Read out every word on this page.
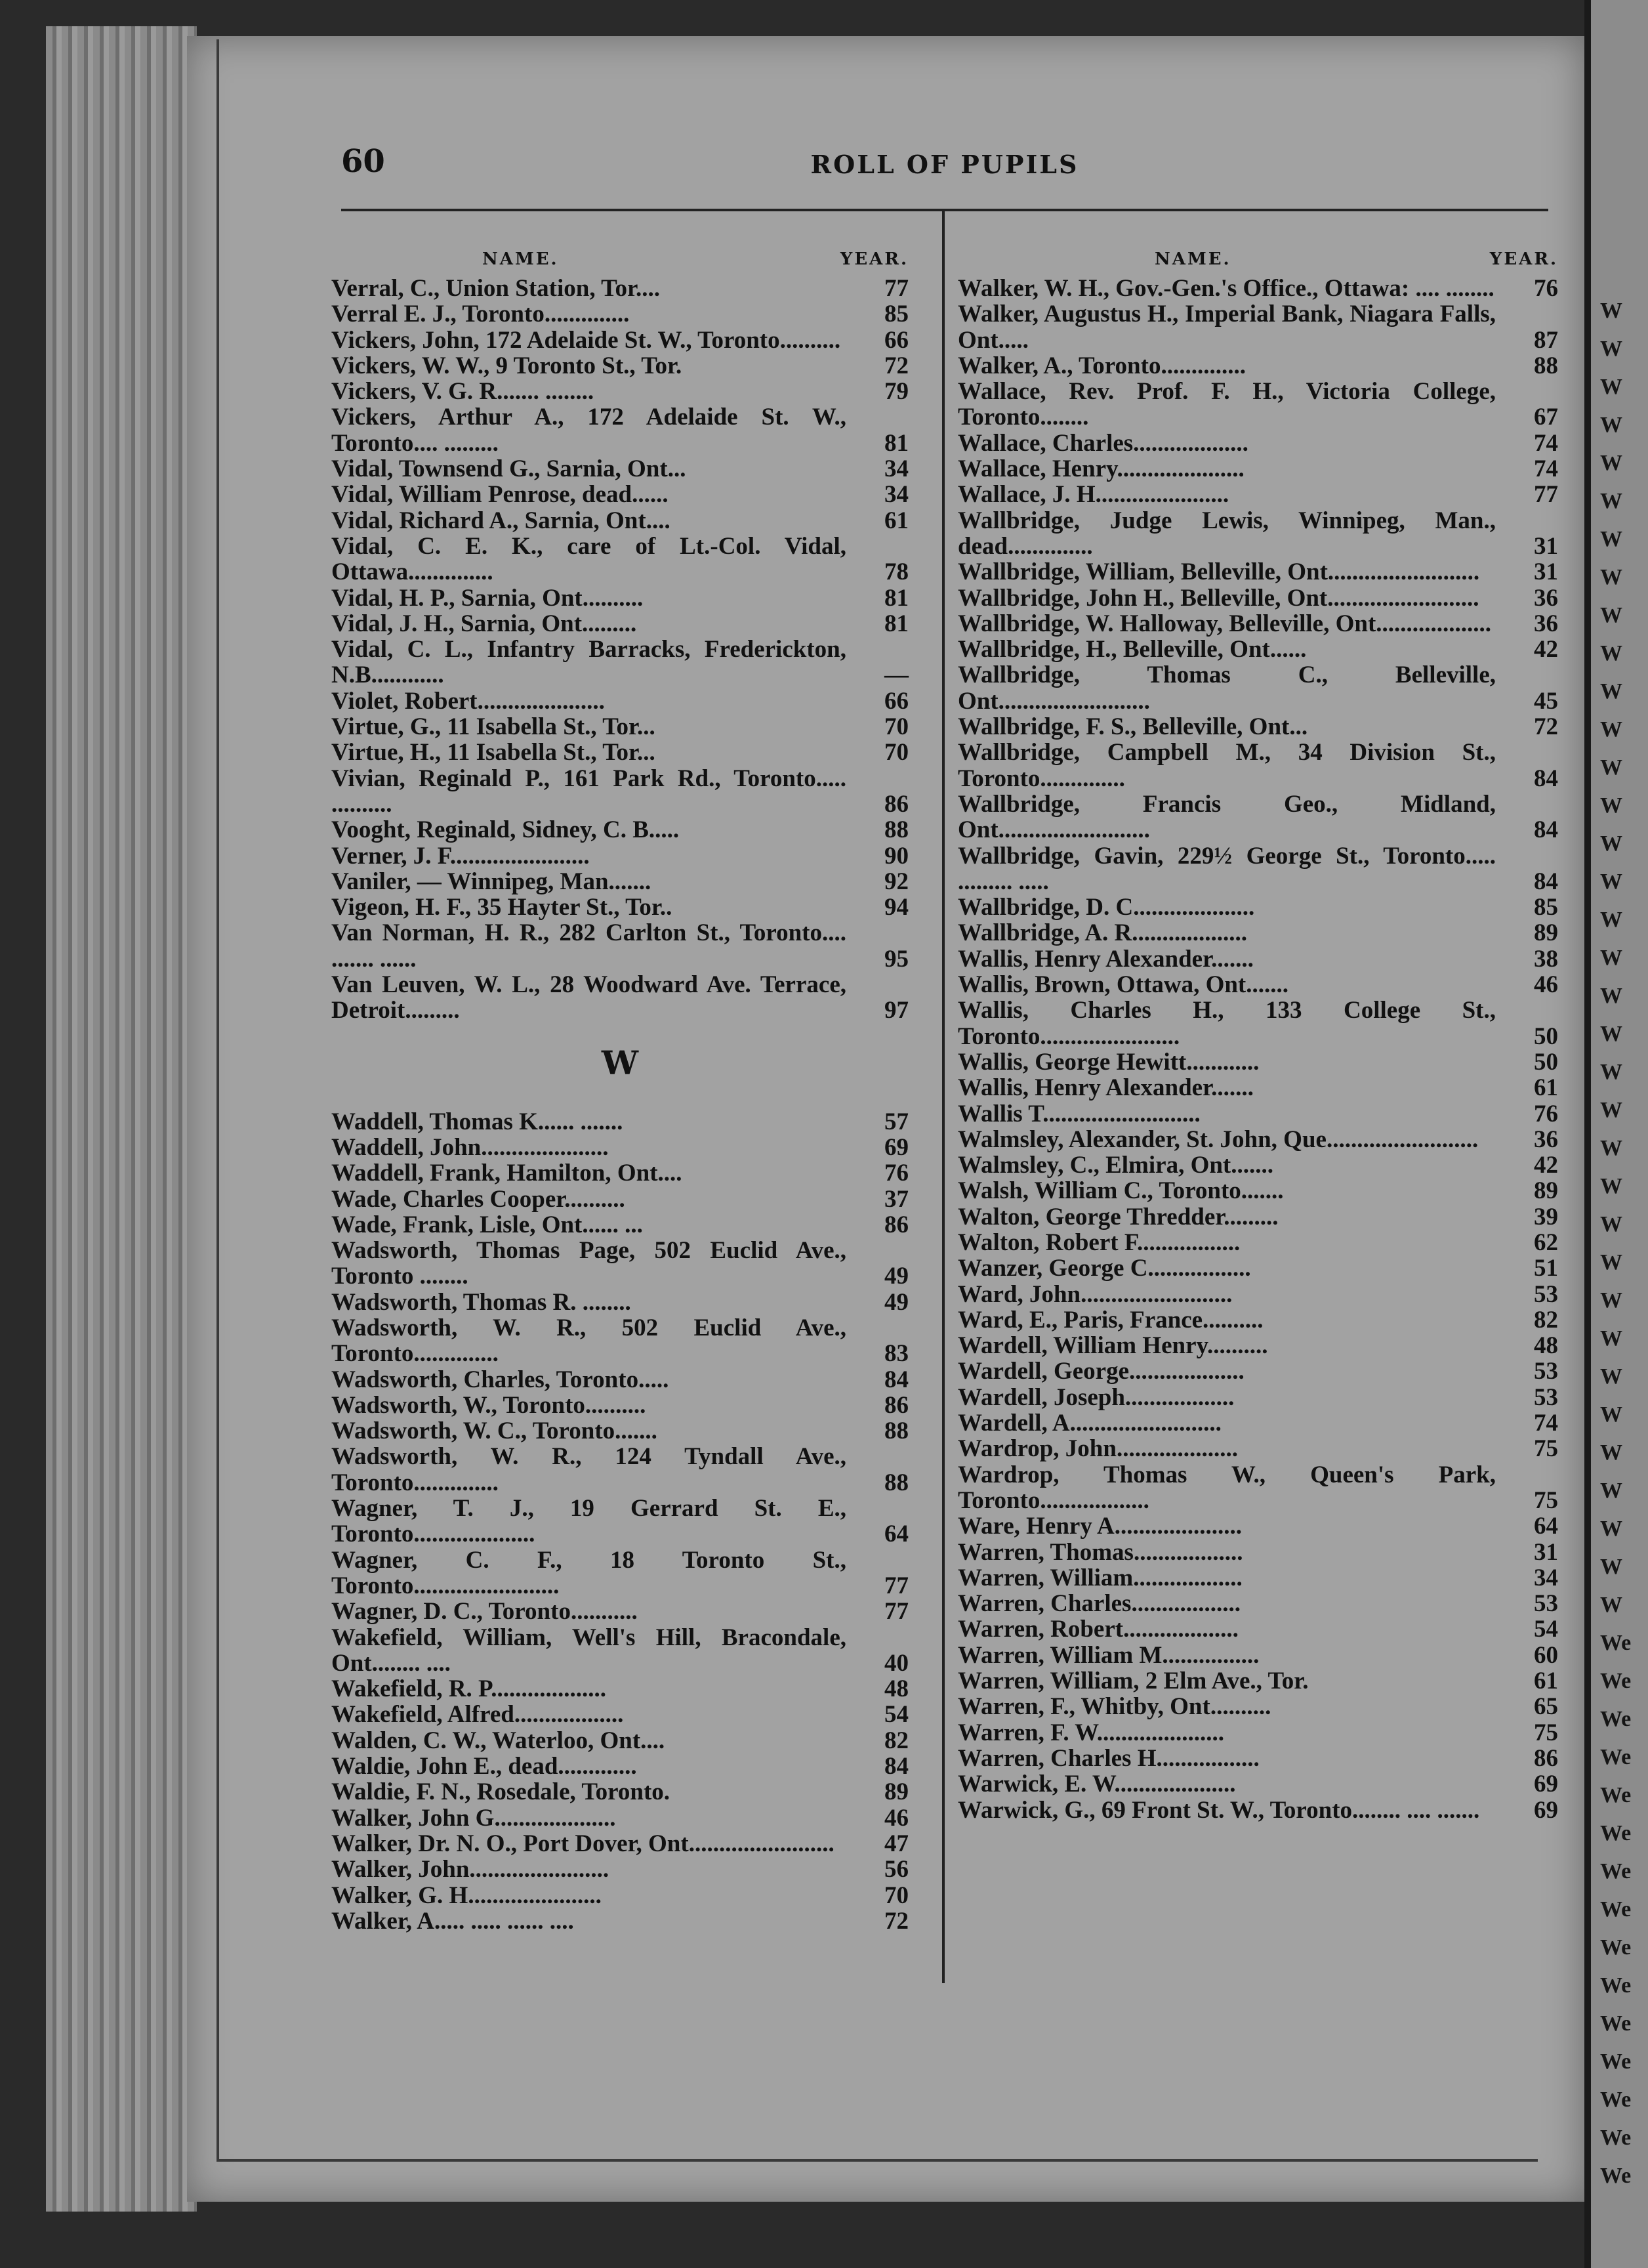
W
W
W
W
W
W
W
W
W
W
W
W
W
W
W
W
W
W
W
W
W
W
W
W
W
W
W
W
W
W
W
W
W
W
W
We
We
We
We
We
We
We
We
We
We
We
We
We
We
We
60	ROLL OF PUPILS
NAME.	YEAR.
Verral, C., Union Station, Tor....	77
Verral E. J., Toronto..............	85
Vickers, John, 172 Adelaide St. W., Toronto..........	66
Vickers, W. W., 9 Toronto St., Tor.	72
Vickers, V. G. R....... ........	79
Vickers, Arthur A., 172 Adelaide St. W., Toronto.... .........	81
Vidal, Townsend G., Sarnia, Ont...	34
Vidal, William Penrose, dead......	34
Vidal, Richard A., Sarnia, Ont....	61
Vidal, C. E. K., care of Lt.-Col. Vidal, Ottawa..............	78
Vidal, H. P., Sarnia, Ont..........	81
Vidal, J. H., Sarnia, Ont.........	81
Vidal, C. L., Infantry Barracks, Frederickton, N.B............	—
Violet, Robert.....................	66
Virtue, G., 11 Isabella St., Tor...	70
Virtue, H., 11 Isabella St., Tor...	70
Vivian, Reginald P., 161 Park Rd., Toronto..... ..........	86
Vooght, Reginald, Sidney, C. B.....	88
Verner, J. F.......................	90
Vaniler, — Winnipeg, Man.......	92
Vigeon, H. F., 35 Hayter St., Tor..	94
Van Norman, H. R., 282 Carlton St., Toronto.... ....... ......	95
Van Leuven, W. L., 28 Woodward Ave. Terrace, Detroit.........	97
W
Waddell, Thomas K...... .......	57
Waddell, John.....................	69
Waddell, Frank, Hamilton, Ont....	76
Wade, Charles Cooper..........	37
Wade, Frank, Lisle, Ont...... ...	86
Wadsworth, Thomas Page, 502 Euclid Ave., Toronto ........	49
Wadsworth, Thomas R. ........	49
Wadsworth, W. R., 502 Euclid Ave., Toronto..............	83
Wadsworth, Charles, Toronto.....	84
Wadsworth, W., Toronto..........	86
Wadsworth, W. C., Toronto.......	88
Wadsworth, W. R., 124 Tyndall Ave., Toronto..............	88
Wagner, T. J., 19 Gerrard St. E., Toronto....................	64
Wagner, C. F., 18 Toronto St., Toronto........................	77
Wagner, D. C., Toronto...........	77
Wakefield, William, Well's Hill, Bracondale, Ont........ ....	40
Wakefield, R. P...................	48
Wakefield, Alfred..................	54
Walden, C. W., Waterloo, Ont....	82
Waldie, John E., dead.............	84
Waldie, F. N., Rosedale, Toronto.	89
Walker, John G....................	46
Walker, Dr. N. O., Port Dover, Ont........................	47
Walker, John.......................	56
Walker, G. H......................	70
Walker, A..... ..... ...... ....	72
NAME.	YEAR.
Walker, W. H., Gov.-Gen.'s Office., Ottawa: .... ........	76
Walker, Augustus H., Imperial Bank, Niagara Falls, Ont.....	87
Walker, A., Toronto..............	88
Wallace, Rev. Prof. F. H., Victoria College, Toronto........	67
Wallace, Charles...................	74
Wallace, Henry.....................	74
Wallace, J. H......................	77
Wallbridge, Judge Lewis, Winnipeg, Man., dead..............	31
Wallbridge, William, Belleville, Ont.........................	31
Wallbridge, John H., Belleville, Ont.........................	36
Wallbridge, W. Halloway, Belleville, Ont...................	36
Wallbridge, H., Belleville, Ont......	42
Wallbridge, Thomas C., Belleville, Ont.........................	45
Wallbridge, F. S., Belleville, Ont...	72
Wallbridge, Campbell M., 34 Division St., Toronto..............	84
Wallbridge, Francis Geo., Midland, Ont.........................	84
Wallbridge, Gavin, 229½ George St., Toronto..... ......... .....	84
Wallbridge, D. C....................	85
Wallbridge, A. R...................	89
Wallis, Henry Alexander.......	38
Wallis, Brown, Ottawa, Ont.......	46
Wallis, Charles H., 133 College St., Toronto.......................	50
Wallis, George Hewitt............	50
Wallis, Henry Alexander.......	61
Wallis T..........................	76
Walmsley, Alexander, St. John, Que.........................	36
Walmsley, C., Elmira, Ont.......	42
Walsh, William C., Toronto.......	89
Walton, George Thredder.........	39
Walton, Robert F.................	62
Wanzer, George C.................	51
Ward, John.........................	53
Ward, E., Paris, France..........	82
Wardell, William Henry..........	48
Wardell, George...................	53
Wardell, Joseph..................	53
Wardell, A.........................	74
Wardrop, John....................	75
Wardrop, Thomas W., Queen's Park, Toronto..................	75
Ware, Henry A.....................	64
Warren, Thomas..................	31
Warren, William..................	34
Warren, Charles..................	53
Warren, Robert...................	54
Warren, William M................	60
Warren, William, 2 Elm Ave., Tor.	61
Warren, F., Whitby, Ont..........	65
Warren, F. W.....................	75
Warren, Charles H.................	86
Warwick, E. W....................	69
Warwick, G., 69 Front St. W., Toronto........ .... .......	69
